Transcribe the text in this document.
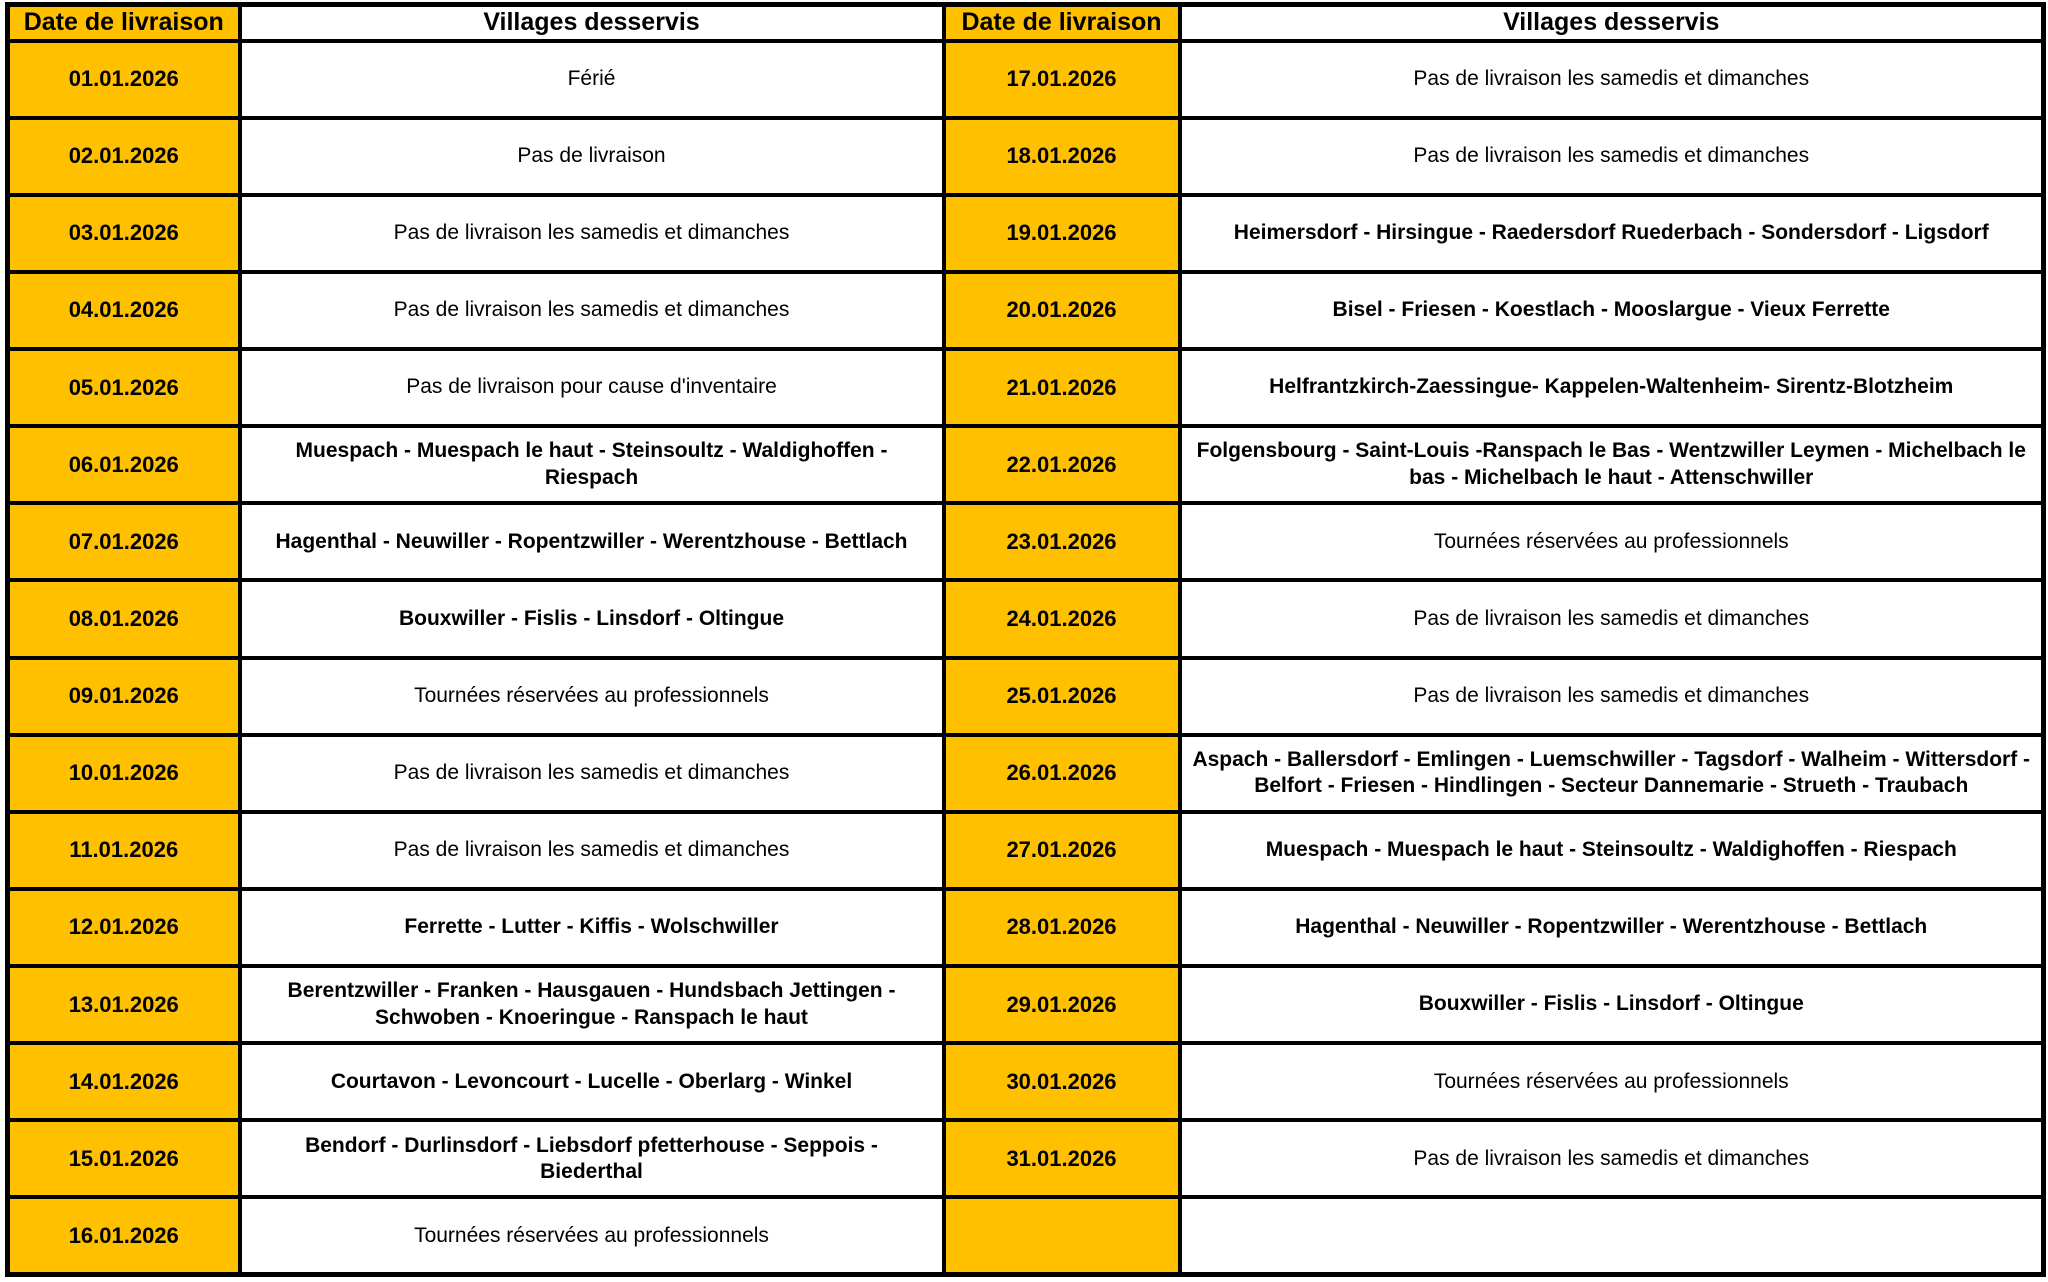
Date de livraison	Villages desservis	Date de livraison	Villages desservis
01.01.2026	Férié	17.01.2026	Pas de livraison les samedis et dimanches
02.01.2026	Pas de livraison	18.01.2026	Pas de livraison les samedis et dimanches
03.01.2026	Pas de livraison les samedis et dimanches	19.01.2026	Heimersdorf - Hirsingue - Raedersdorf Ruederbach - Sondersdorf - Ligsdorf
04.01.2026	Pas de livraison les samedis et dimanches	20.01.2026	Bisel - Friesen - Koestlach - Mooslargue - Vieux Ferrette
05.01.2026	Pas de livraison pour cause d'inventaire	21.01.2026	Helfrantzkirch-Zaessingue- Kappelen-Waltenheim- Sirentz-Blotzheim
06.01.2026	Muespach - Muespach le haut - Steinsoultz - Waldighoffen - Riespach	22.01.2026	Folgensbourg - Saint-Louis -Ranspach le Bas - Wentzwiller Leymen - Michelbach le bas - Michelbach le haut - Attenschwiller
07.01.2026	Hagenthal - Neuwiller - Ropentzwiller - Werentzhouse - Bettlach	23.01.2026	Tournées réservées au professionnels
08.01.2026	Bouxwiller - Fislis - Linsdorf - Oltingue	24.01.2026	Pas de livraison les samedis et dimanches
09.01.2026	Tournées réservées au professionnels	25.01.2026	Pas de livraison les samedis et dimanches
10.01.2026	Pas de livraison les samedis et dimanches	26.01.2026	Aspach - Ballersdorf - Emlingen - Luemschwiller - Tagsdorf - Walheim - Wittersdorf - Belfort - Friesen - Hindlingen - Secteur Dannemarie - Strueth - Traubach
11.01.2026	Pas de livraison les samedis et dimanches	27.01.2026	Muespach - Muespach le haut - Steinsoultz - Waldighoffen - Riespach
12.01.2026	Ferrette - Lutter - Kiffis - Wolschwiller	28.01.2026	Hagenthal - Neuwiller - Ropentzwiller - Werentzhouse - Bettlach
13.01.2026	Berentzwiller - Franken - Hausgauen - Hundsbach Jettingen - Schwoben - Knoeringue - Ranspach le haut	29.01.2026	Bouxwiller - Fislis - Linsdorf - Oltingue
14.01.2026	Courtavon - Levoncourt - Lucelle - Oberlarg - Winkel	30.01.2026	Tournées réservées au professionnels
15.01.2026	Bendorf - Durlinsdorf - Liebsdorf pfetterhouse - Seppois - Biederthal	31.01.2026	Pas de livraison les samedis et dimanches
16.01.2026	Tournées réservées au professionnels		
